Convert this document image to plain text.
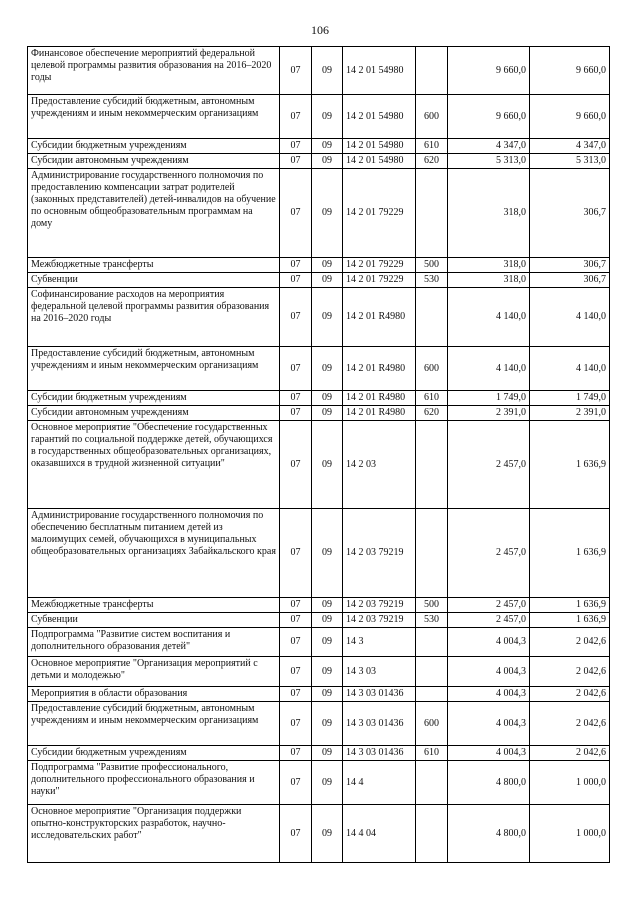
106
Финансовое обеспечение мероприятий федеральной целевой программы развития образования на 2016–2020 годы	07	09	14 2 01 54980		9 660,0	9 660,0
Предоставление субсидий бюджетным, автономным учреждениям и иным некоммерческим организациям	07	09	14 2 01 54980	600	9 660,0	9 660,0
Субсидии бюджетным учреждениям	07	09	14 2 01 54980	610	4 347,0	4 347,0
Субсидии автономным учреждениям	07	09	14 2 01 54980	620	5 313,0	5 313,0
Администрирование государственного полномочия по предоставлению компенсации затрат родителей (законных представителей) детей-инвалидов на обучение по основным общеобразовательным программам на дому	07	09	14 2 01 79229		318,0	306,7
Межбюджетные трансферты	07	09	14 2 01 79229	500	318,0	306,7
Субвенции	07	09	14 2 01 79229	530	318,0	306,7
Софинансирование расходов на мероприятия федеральной целевой программы развития образования на 2016–2020 годы	07	09	14 2 01 R4980		4 140,0	4 140,0
Предоставление субсидий бюджетным, автономным учреждениям и иным некоммерческим организациям	07	09	14 2 01 R4980	600	4 140,0	4 140,0
Субсидии бюджетным учреждениям	07	09	14 2 01 R4980	610	1 749,0	1 749,0
Субсидии автономным учреждениям	07	09	14 2 01 R4980	620	2 391,0	2 391,0
Основное мероприятие "Обеспечение государственных гарантий по социальной поддержке детей, обучающихся в государственных общеобразовательных организациях, оказавшихся в трудной жизненной ситуации"	07	09	14 2 03		2 457,0	1 636,9
Администрирование государственного полномочия по обеспечению бесплатным питанием детей из малоимущих семей, обучающихся в муниципальных общеобразовательных организациях Забайкальского края	07	09	14 2 03 79219		2 457,0	1 636,9
Межбюджетные трансферты	07	09	14 2 03 79219	500	2 457,0	1 636,9
Субвенции	07	09	14 2 03 79219	530	2 457,0	1 636,9
Подпрограмма "Развитие систем воспитания и дополнительного образования детей"	07	09	14 3		4 004,3	2 042,6
Основное мероприятие "Организация мероприятий с детьми и молодежью"	07	09	14 3 03		4 004,3	2 042,6
Мероприятия в области образования	07	09	14 3 03 01436		4 004,3	2 042,6
Предоставление субсидий бюджетным, автономным учреждениям и иным некоммерческим организациям	07	09	14 3 03 01436	600	4 004,3	2 042,6
Субсидии бюджетным учреждениям	07	09	14 3 03 01436	610	4 004,3	2 042,6
Подпрограмма "Развитие профессионального, дополнительного профессионального образования и науки"	07	09	14 4		4 800,0	1 000,0
Основное мероприятие "Организация поддержки опытно-конструкторских разработок, научно-исследовательских работ"	07	09	14 4 04		4 800,0	1 000,0
